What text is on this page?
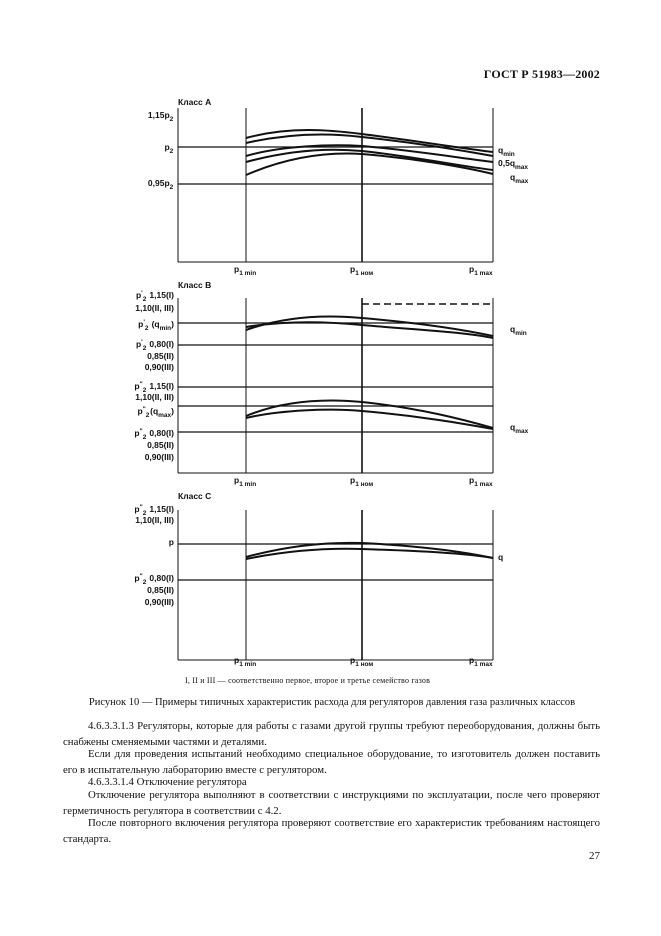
ГОСТ Р 51983—2002
Класс А
$1,15p_2$ 
$p_2$ 
$0,95p_2$ 
$q_{min}$
$0,5q_{max}$
$q_{max}$
$p_{1 min}$	$p_{1 ном}$	$p_{1 max}$
Класс В
$p'_2$  1,15(I)
1,10(II, III)
$p'_2$  $(q_{min})$
$p'_2$  0,80(I)
0,85(II)
0,90(III)
$p^"_2$  1,15(I)
1,10(II, III)
$p^"_2$ $(q_{max})$
$p^"_2$  0,80(I)
0,85(II)
0,90(III)
$q_{min}$
$q_{max}$
$p_{1 min}$	$p_{1 ном}$	$p_{1 max}$
Класс С
$p^"_2$  1,15(I)
1,10(II, III)
p
$p^"_2$  0,80(I)
0,85(II)
0,90(III)
q
$p_{1 min}$	$p_{1 ном}$	$p_{1 max}$
I, II и III — соответственно первое, второе и третье семейство газов
Рисунок 10 — Примеры типичных характеристик расхода для регуляторов давления газа различных классов
4.6.3.3.1.3 Регуляторы, которые для работы с газами другой группы требуют переоборудования, должны быть снабжены сменяемыми частями и деталями.
Если для проведения испытаний необходимо специальное оборудование, то изготовитель должен поставить его в испытательную лабораторию вместе с регулятором.
4.6.3.3.1.4 Отключение регулятора
Отключение регулятора выполняют в соответствии с инструкциями по эксплуатации, после чего проверяют герметичность регулятора в соответствии с 4.2.
После повторного включения регулятора проверяют соответствие его характеристик требованиям настоящего стандарта.
27
